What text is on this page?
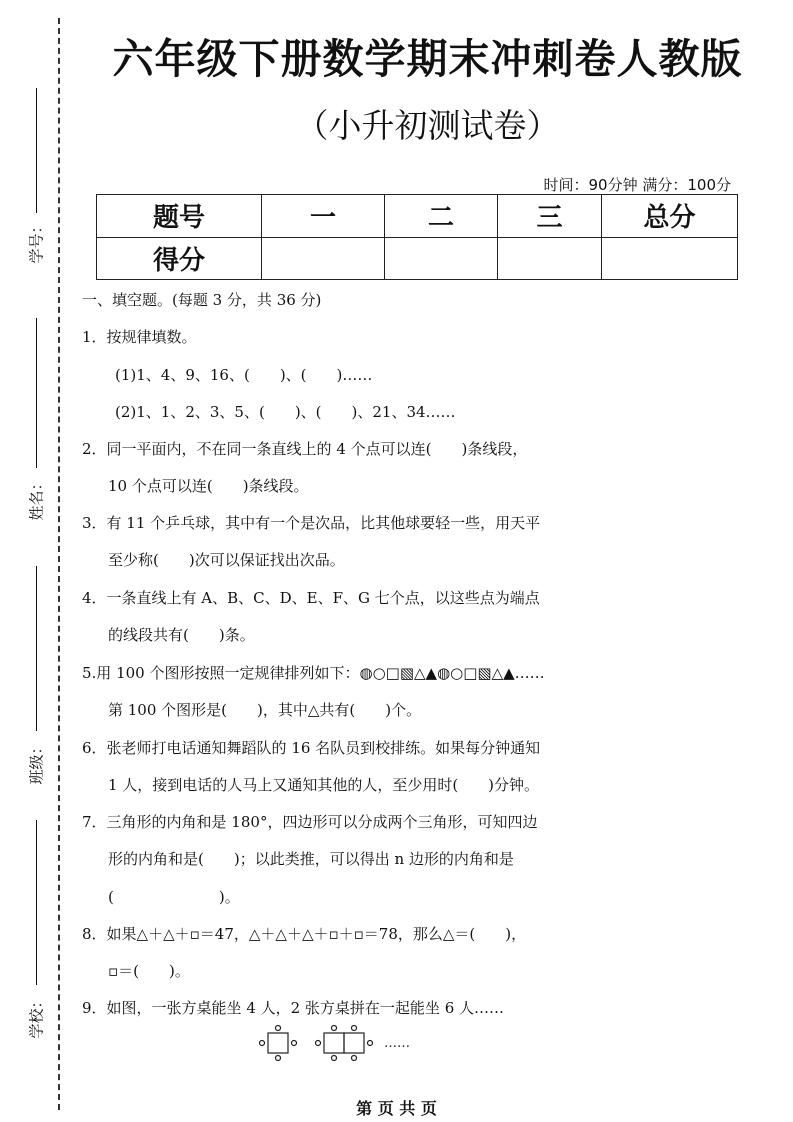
学号：
姓名：
班级：
学校：
六年级下册数学期末冲刺卷人教版
（小升初测试卷）
时间：90分钟 满分：100分
题号	一	二	三	总分
得分				
一、填空题。(每题 3 分，共 36 分)
1．按规律填数。
(1)1、4、9、16、(　　)、(　　)……
(2)1、1、2、3、5、(　　)、(　　)、21、34……
2．同一平面内，不在同一条直线上的 4 个点可以连(　　)条线段，
10 个点可以连(　　)条线段。
3．有 11 个乒乓球，其中有一个是次品，比其他球要轻一些，用天平
至少称(　　)次可以保证找出次品。
4．一条直线上有 A、B、C、D、E、F、G 七个点，以这些点为端点
的线段共有(　　)条。
5.用 100 个图形按照一定规律排列如下：◍○□▧△▲◍○□▧△▲……
第 100 个图形是(　　)，其中△共有(　　)个。
6．张老师打电话通知舞蹈队的 16 名队员到校排练。如果每分钟通知
1 人，接到电话的人马上又通知其他的人，至少用时(　　)分钟。
7．三角形的内角和是 180°，四边形可以分成两个三角形，可知四边
形的内角和是(　　)；以此类推，可以得出 n 边形的内角和是
(　　　　　　　)。
8．如果△＋△＋▫＝47，△＋△＋△＋▫＋▫＝78，那么△＝(　　)，
▫＝(　　)。
9．如图，一张方桌能坐 4 人，2 张方桌拼在一起能坐 6 人……
……
第 页 共 页
